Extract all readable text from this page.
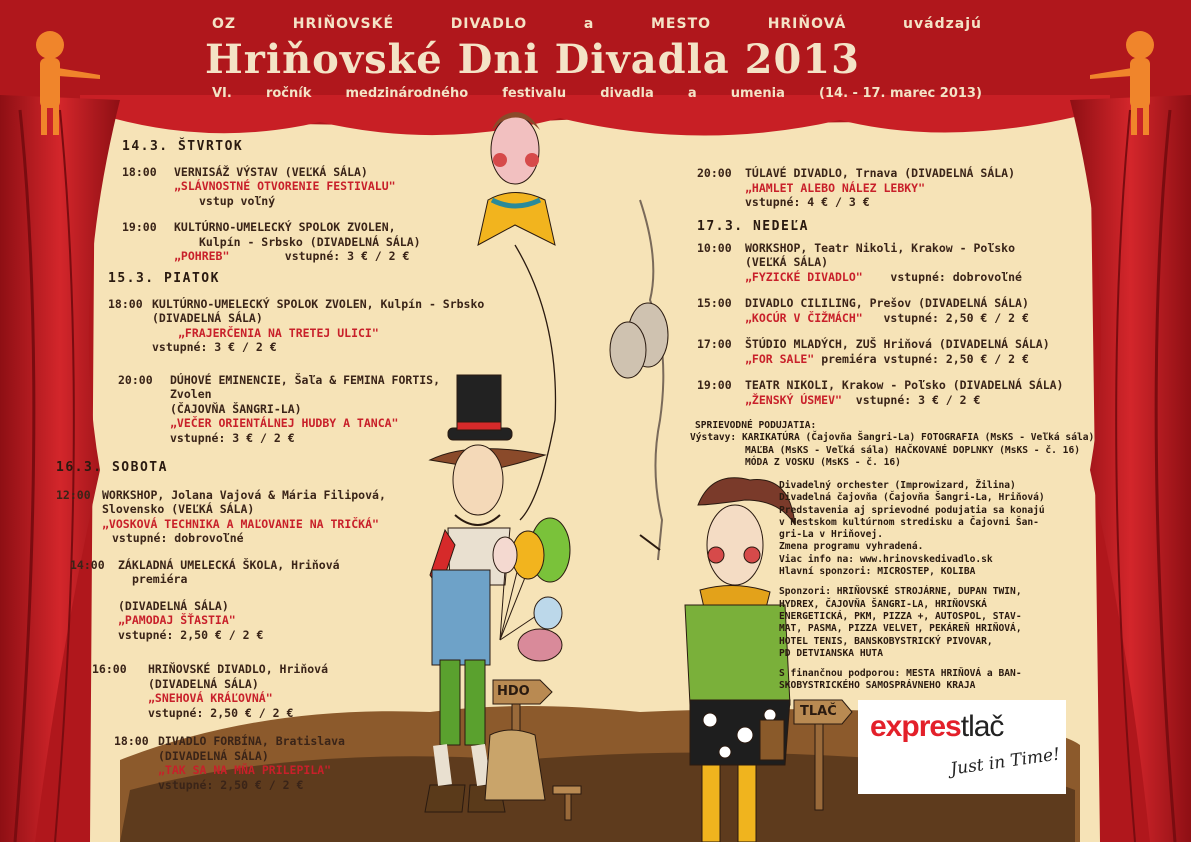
OZ	HRIŇOVSKÉ	DIVADLO	a	MESTO	HRIŇOVÁ	uvádzajú
Hriňovské Dni Divadla 2013
VI.	ročník	medzinárodného	festivalu	divadla	a	umenia	(14. - 17. marec 2013)
14.3. ŠTVRTOK
18:00 VERNISÁŽ VÝSTAV (VEĽKÁ SÁLA)
„SLÁVNOSTNÉ OTVORENIE FESTIVALU"
vstup voľný
19:00 KULTÚRNO-UMELECKÝ SPOLOK ZVOLEN,
Kulpín - Srbsko (DIVADELNÁ SÁLA)
„POHREB"	vstupné: 3 € / 2 €
15.3. PIATOK
18:00 KULTÚRNO-UMELECKÝ SPOLOK ZVOLEN, Kulpín - Srbsko
(DIVADELNÁ SÁLA)
„FRAJERČENIA NA TRETEJ ULICI"
vstupné: 3 € / 2 €
20:00 DÚHOVÉ EMINENCIE, Šaľa & FEMINA FORTIS,
Zvolen
(ČAJOVŇA ŠANGRI-LA)
„VEČER ORIENTÁLNEJ HUDBY A TANCA"
vstupné: 3 € / 2 €
16.3. SOBOTA
12:00 WORKSHOP, Jolana Vajová & Mária Filipová,
Slovensko (VEĽKÁ SÁLA)
„VOSKOVÁ TECHNIKA A MAĽOVANIE NA TRIČKÁ"
vstupné: dobrovoľné
14:00 ZÁKLADNÁ UMELECKÁ ŠKOLA, Hriňová
premiéra
(DIVADELNÁ SÁLA)
„PAMODAJ ŠŤASTIA"
vstupné: 2,50 € / 2 €
16:00 HRIŇOVSKÉ DIVADLO, Hriňová
(DIVADELNÁ SÁLA)
„SNEHOVÁ KRÁĽOVNÁ"
vstupné: 2,50 € / 2 €
18:00 DIVADLO FORBÍNA, Bratislava
(DIVADELNÁ SÁLA)
„TAK SA NA MŇA PRILEPILA"
vstupné: 2,50 € / 2 €
20:00 TÚLAVÉ DIVADLO, Trnava (DIVADELNÁ SÁLA)
„HAMLET ALEBO NÁLEZ LEBKY"
vstupné: 4 € / 3 €
17.3. NEDEĽA
10:00 WORKSHOP, Teatr Nikoli, Krakow - Poľsko
(VEĽKÁ SÁLA)
„FYZICKÉ DIVADLO" vstupné: dobrovoľné
15:00 DIVADLO CILILING, Prešov (DIVADELNÁ SÁLA)
„KOCÚR V ČIŽMÁCH" vstupné: 2,50 € / 2 €
17:00 ŠTÚDIO MLADÝCH, ZUŠ Hriňová (DIVADELNÁ SÁLA)
„FOR SALE" premiéra vstupné: 2,50 € / 2 €
19:00 TEATR NIKOLI, Krakow - Poľsko (DIVADELNÁ SÁLA)
„ŽENSKÝ ÚSMEV" vstupné: 3 € / 2 €
SPRIEVODNÉ PODUJATIA:
Výstavy: KARIKATÚRA (Čajovňa Šangri-La) FOTOGRAFIA (MsKS - Veľká sála)
MAĽBA (MsKS - Veľká sála) HAČKOVANÉ DOPLNKY (MsKS - č. 16)
MÓDA Z VOSKU (MsKS - č. 16)
Divadelný orchester (Improwizard, Žilina)
Divadelná čajovňa (Čajovňa Šangri-La, Hriňová)
Predstavenia aj sprievodné podujatia sa konajú
v Mestskom kultúrnom stredisku a Čajovni Šan-
gri-La v Hriňovej.
Zmena programu vyhradená.
Viac info na: www.hrinovskedivadlo.sk
Hlavní sponzori: MICROSTEP, KOLIBA
Sponzori: HRIŇOVSKÉ STROJÁRNE, DUPAN TWIN,
HYDREX, ČAJOVŇA ŠANGRI-LA, HRIŇOVSKÁ
ENERGETICKÁ, PKM, PIZZA +, AUTOSPOL, STAV-
MAT, PASMA, PIZZA VELVET, PEKÁREŇ HRIŇOVÁ,
HOTEL TENIS, BANSKOBYSTRICKÝ PIVOVAR,
PD DETVIANSKA HUTA
S finančnou podporou: MESTA HRIŇOVÁ a BAN-
SKOBYSTRICKÉHO SAMOSPRÁVNEHO KRAJA
HDO
TLAČ exprestlač
Just in Time!
